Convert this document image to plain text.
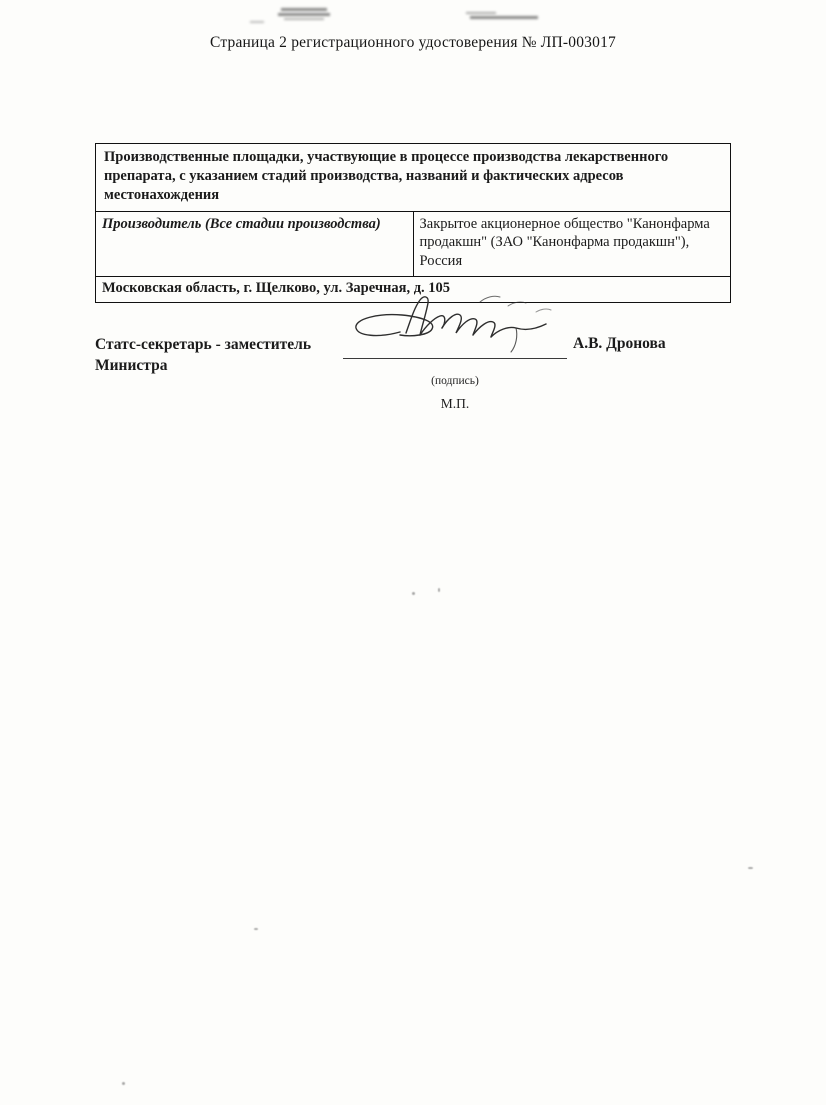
Страница 2 регистрационного удостоверения № ЛП-003017
Производственные площадки, участвующие в процессе производства лекарственного препарата, с указанием стадий производства, названий и фактических адресов местонахождения
Производитель (Все стадии производства)	Закрытое акционерное общество "Канонфарма продакшн" (ЗАО "Канонфарма продакшн"), Россия
Московская область, г. Щелково, ул. Заречная, д. 105
Статс-секретарь - заместитель Министра
(подпись)
М.П.
А.В. Дронова
